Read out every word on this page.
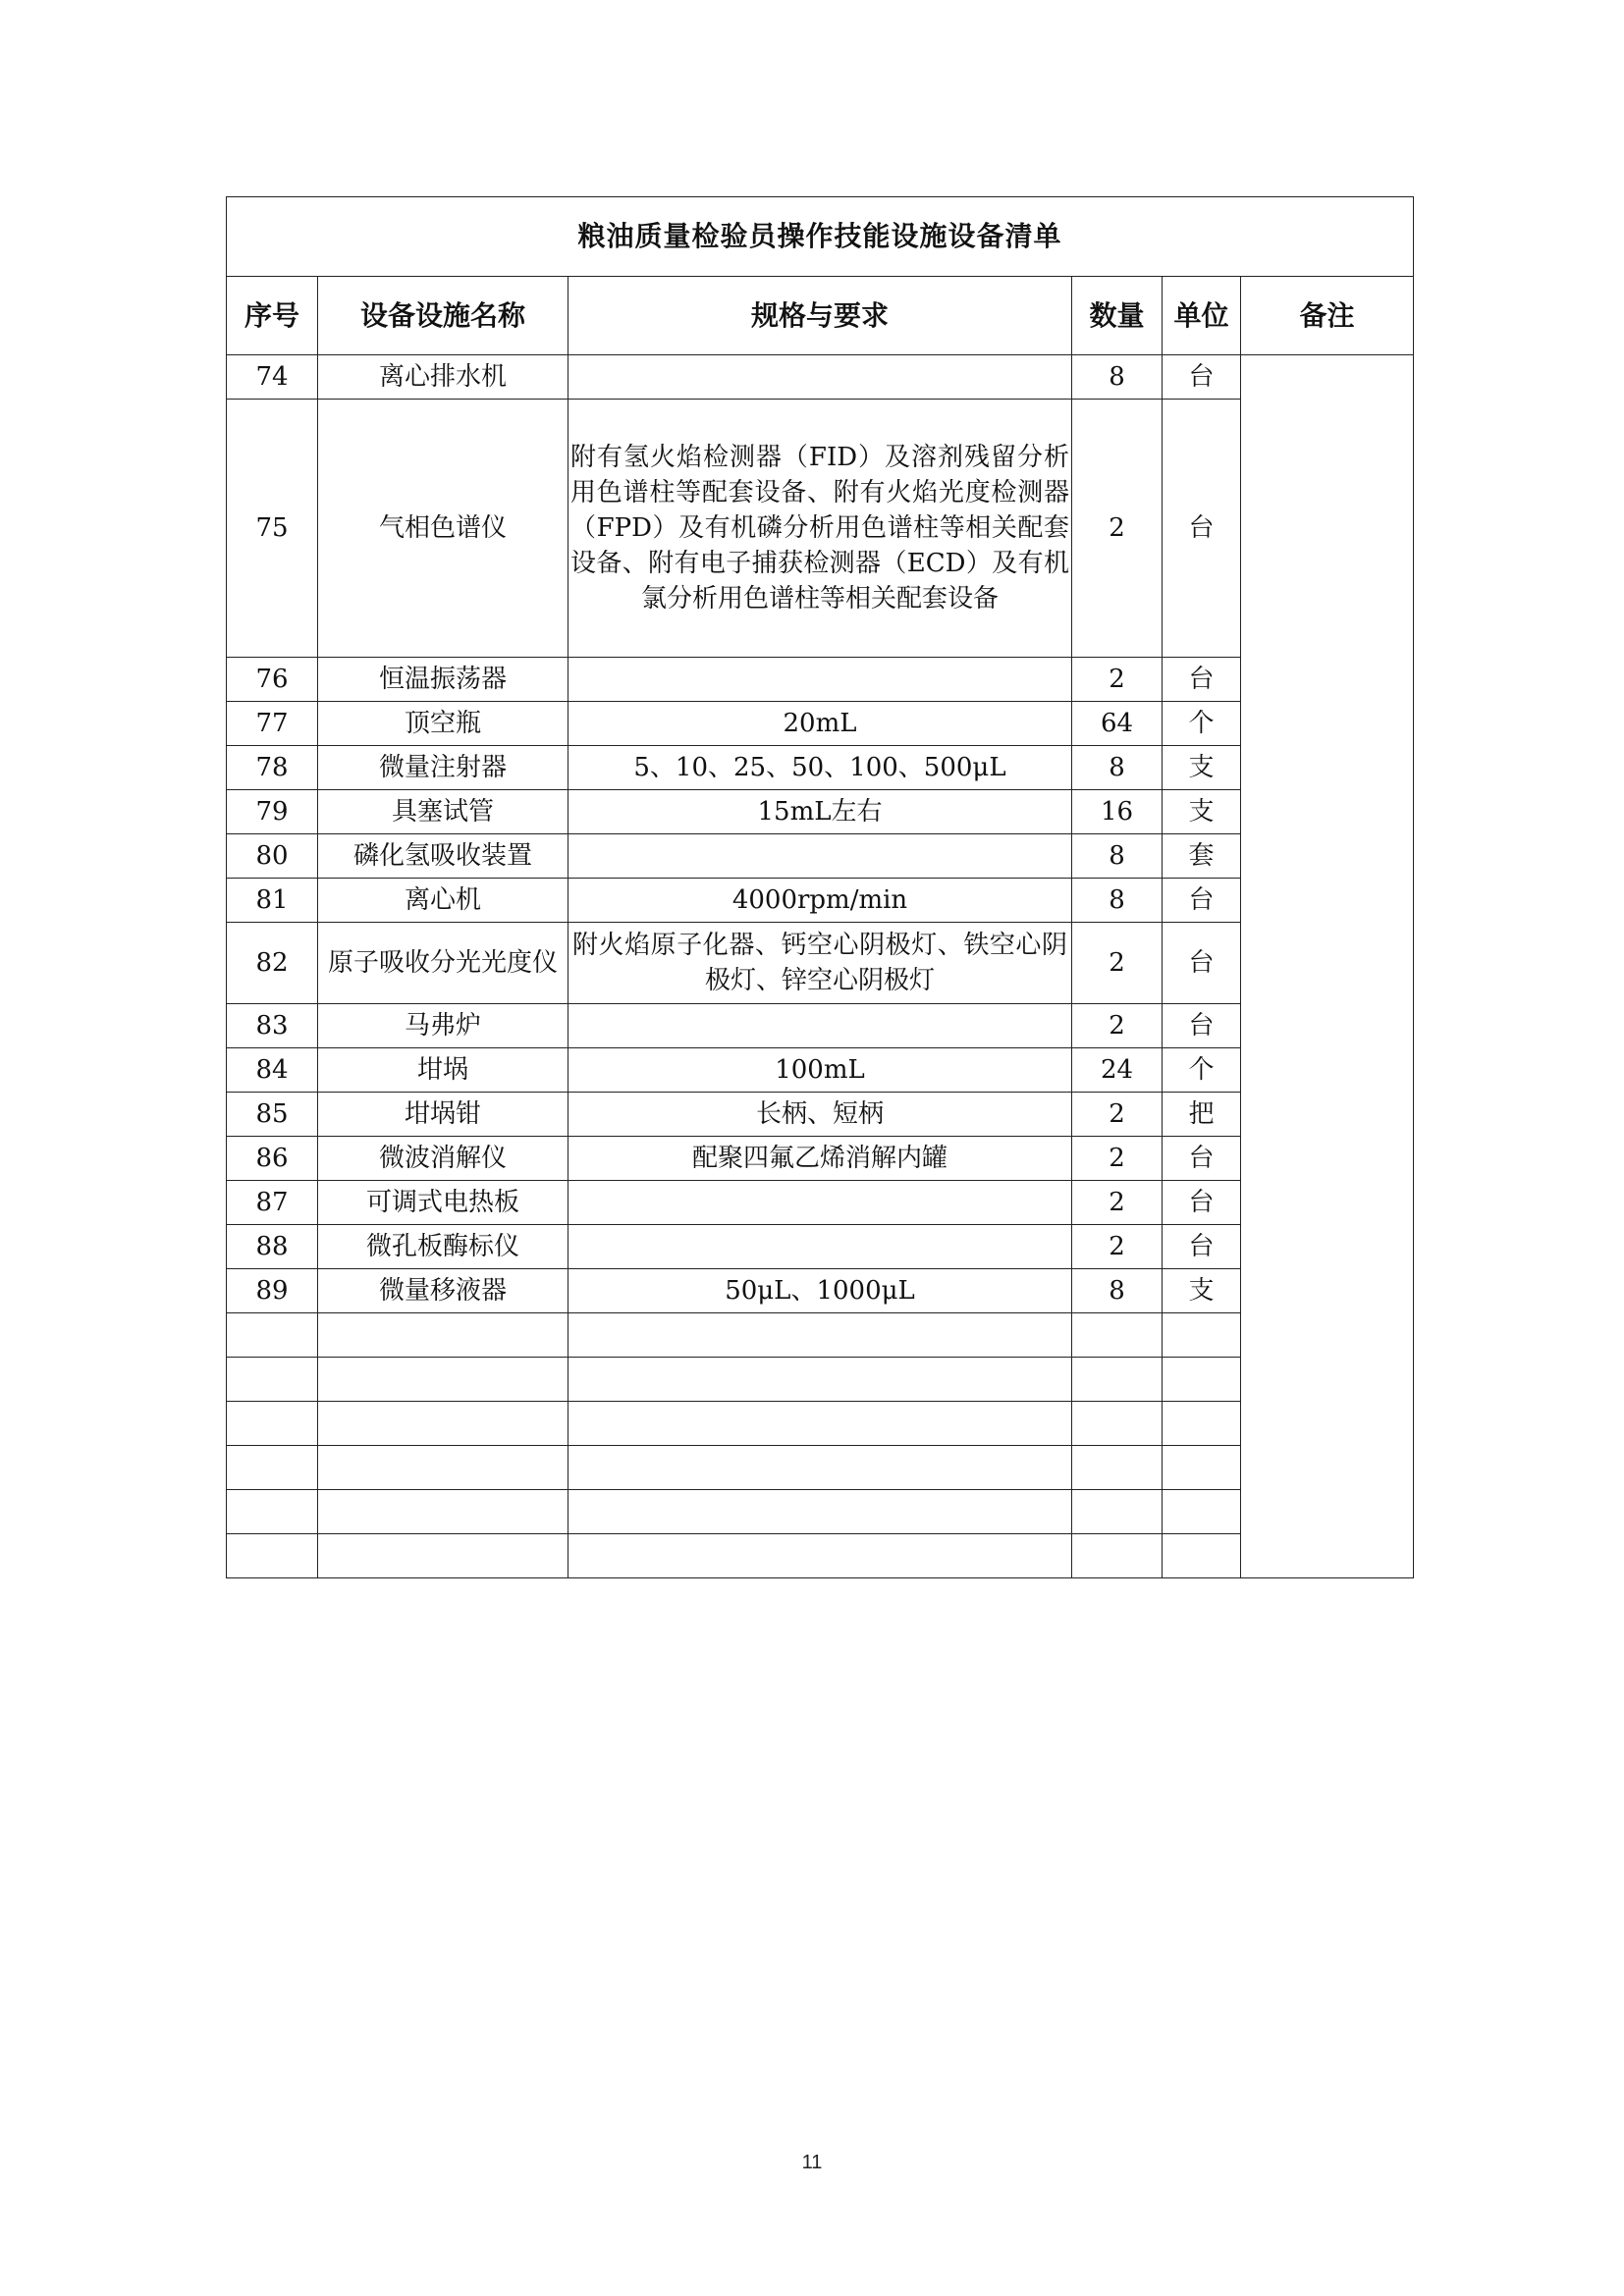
粮油质量检验员操作技能设施设备清单					
序号	设备设施名称	规格与要求	数量	单位	备注
74	离心排水机		8	台	
75	气相色谱仪	附有氢火焰检测器（FID）及溶剂残留分析用色谱柱等配套设备、附有火焰光度检测器（FPD）及有机磷分析用色谱柱等相关配套设备、附有电子捕获检测器（ECD）及有机氯分析用色谱柱等相关配套设备	2	台	
76	恒温振荡器		2	台	
77	顶空瓶	20mL	64	个	
78	微量注射器	5、10、25、50、100、500μL	8	支	
79	具塞试管	15mL左右	16	支	
80	磷化氢吸收装置		8	套	
81	离心机	4000rpm/min	8	台	
82	原子吸收分光光度仪	附火焰原子化器、钙空心阴极灯、铁空心阴极灯、锌空心阴极灯	2	台	
83	马弗炉		2	台	
84	坩埚	100mL	24	个	
85	坩埚钳	长柄、短柄	2	把	
86	微波消解仪	配聚四氟乙烯消解内罐	2	台	
87	可调式电热板		2	台	
88	微孔板酶标仪		2	台	
89	微量移液器	50μL、1000μL	8	支	

11
